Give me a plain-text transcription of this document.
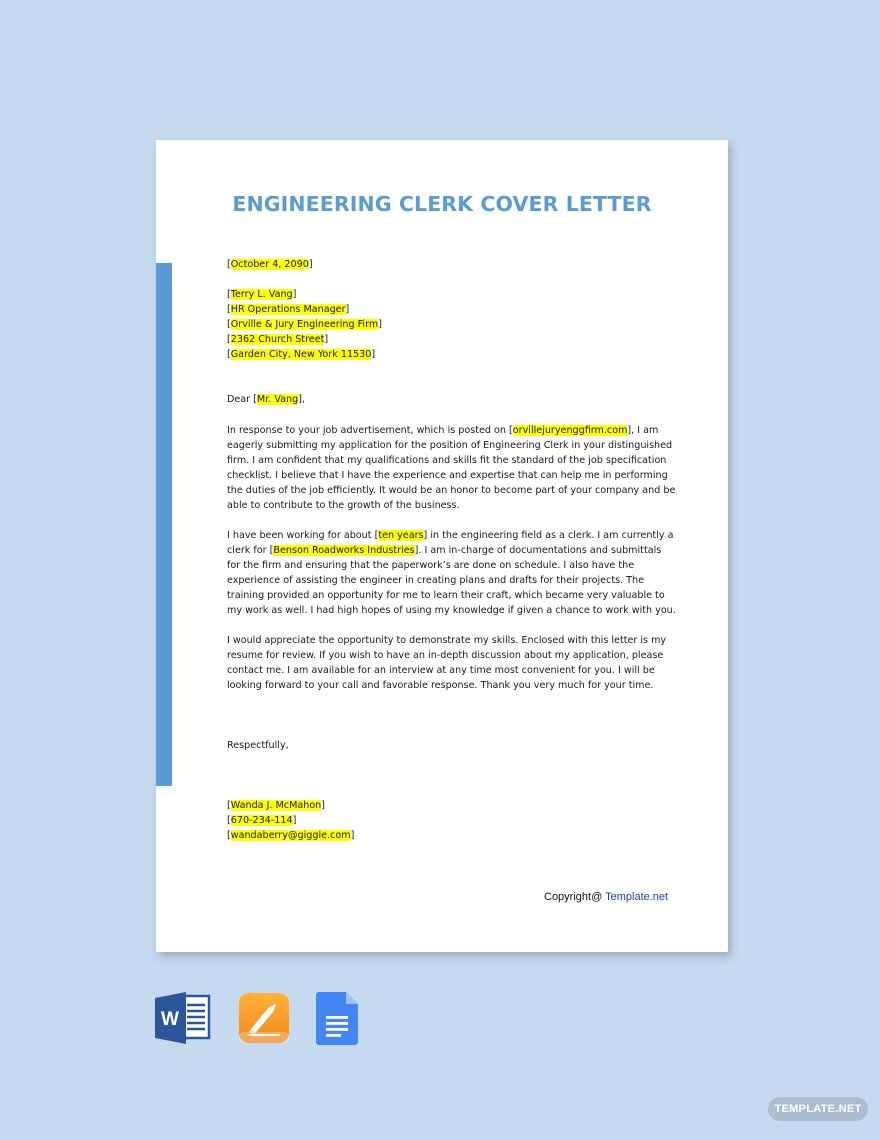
ENGINEERING CLERK COVER LETTER
[October 4, 2090]
[Terry L. Vang]
[HR Operations Manager]
[Orville & Jury Engineering Firm]
[2362 Church Street]
[Garden City, New York 11530]
Dear [Mr. Vang],

In response to your job advertisement, which is posted on [orvillejuryenggfirm.com], I am eagerly submitting my application for the position of Engineering Clerk in your distinguished firm. I am confident that my qualifications and skills fit the standard of the job specification checklist. I believe that I have the experience and expertise that can help me in performing the duties of the job efficiently. It would be an honor to become part of your company and be able to contribute to the growth of the business.

I have been working for about [ten years] in the engineering field as a clerk. I am currently a clerk for [Benson Roadworks Industries]. I am in-charge of documentations and submittals for the firm and ensuring that the paperwork’s are done on schedule. I also have the experience of assisting the engineer in creating plans and drafts for their projects. The training provided an opportunity for me to learn their craft, which became very valuable to my work as well. I had high hopes of using my knowledge if given a chance to work with you.

I would appreciate the opportunity to demonstrate my skills. Enclosed with this letter is my resume for review. If you wish to have an in-depth discussion about my application, please contact me. I am available for an interview at any time most convenient for you. I will be looking forward to your call and favorable response. Thank you very much for your time.

Respectfully,
[Wanda J. McMahon]
[670-234-114]
[wandaberry@giggle.com]
Copyright@ Template.net
W
TEMPLATE.NET
